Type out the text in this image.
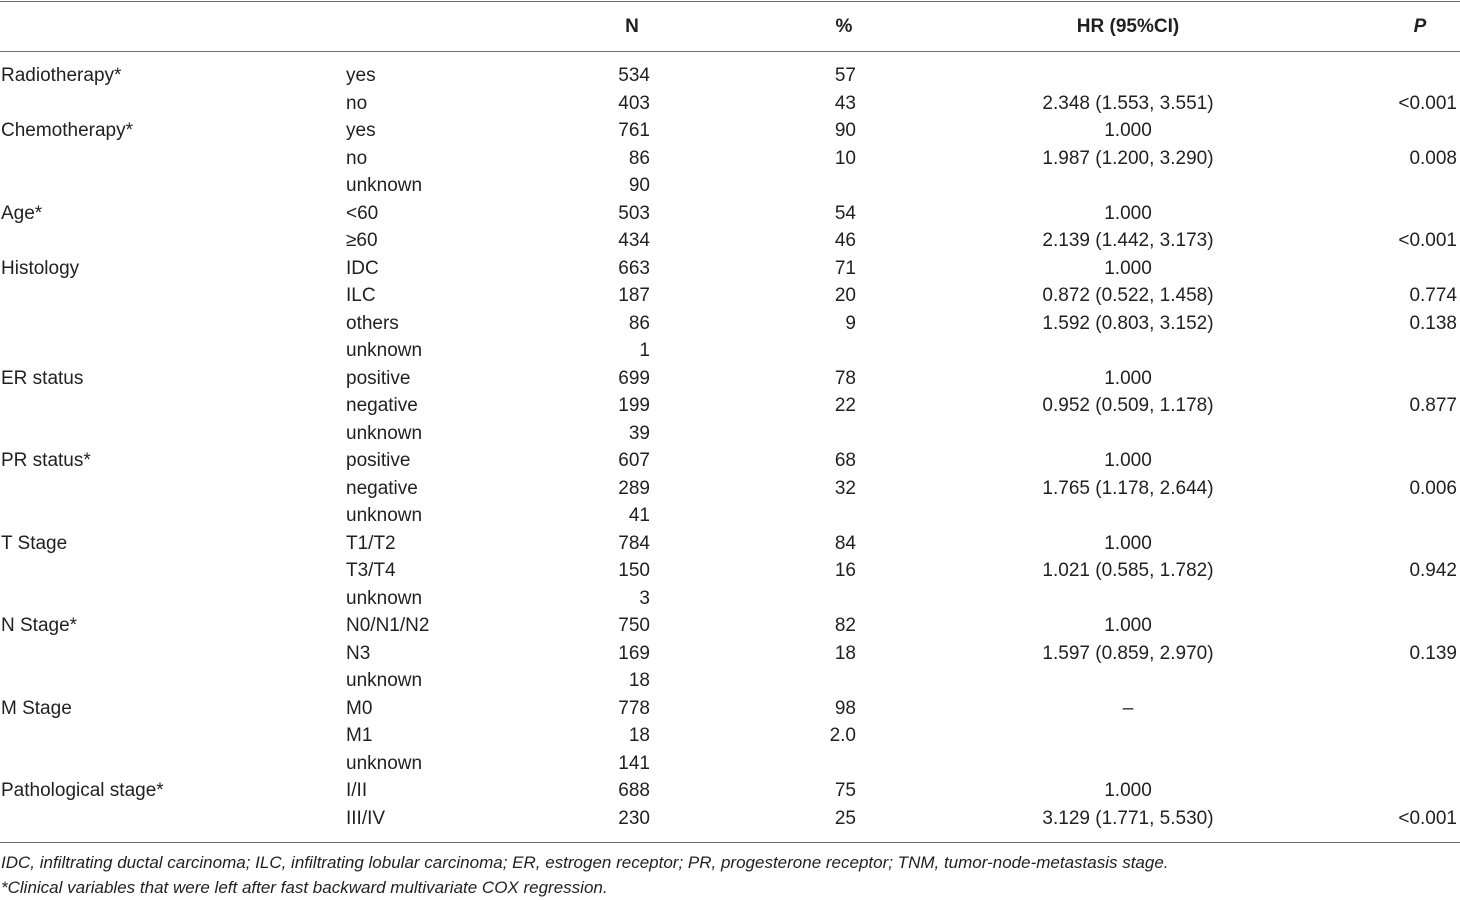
N	%	HR (95%CI)	P
Radiotherapy*	yes	534	57
no	403	43	2.348 (1.553, 3.551)	<0.001
Chemotherapy*	yes	761	90	1.000
no	86	10	1.987 (1.200, 3.290)	0.008
unknown	90
Age*	<60	503	54	1.000
≥60	434	46	2.139 (1.442, 3.173)	<0.001
Histology	IDC	663	71	1.000
ILC	187	20	0.872 (0.522, 1.458)	0.774
others	86	9	1.592 (0.803, 3.152)	0.138
unknown	1
ER status	positive	699	78	1.000
negative	199	22	0.952 (0.509, 1.178)	0.877
unknown	39
PR status*	positive	607	68	1.000
negative	289	32	1.765 (1.178, 2.644)	0.006
unknown	41
T Stage	T1/T2	784	84	1.000
T3/T4	150	16	1.021 (0.585, 1.782)	0.942
unknown	3
N Stage*	N0/N1/N2	750	82	1.000
N3	169	18	1.597 (0.859, 2.970)	0.139
unknown	18
M Stage	M0	778	98	–
M1	18	2.0
unknown	141
Pathological stage*	I/II	688	75	1.000
III/IV	230	25	3.129 (1.771, 5.530)	<0.001
IDC, infiltrating ductal carcinoma; ILC, infiltrating lobular carcinoma; ER, estrogen receptor; PR, progesterone receptor; TNM, tumor-node-metastasis stage.
*Clinical variables that were left after fast backward multivariate COX regression.
